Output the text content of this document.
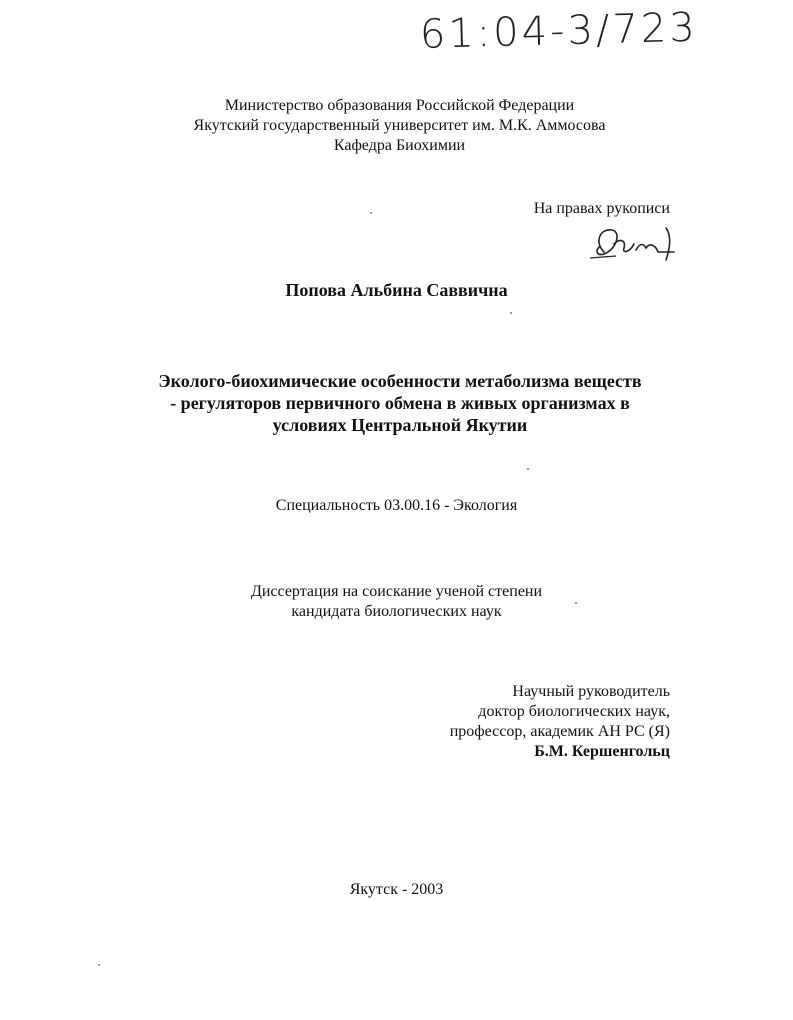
61:04-3/723
Министерство образования Российской Федерации
Якутский государственный университет им. М.К. Аммосова
Кафедра Биохимии
На правах рукописи
Попова Альбина Саввична
Эколого-биохимические особенности метаболизма веществ
- регуляторов первичного обмена в живых организмах в
условиях Центральной Якутии
Специальность 03.00.16 - Экология
Диссертация на соискание ученой степени
кандидата биологических наук
Научный руководитель
доктор биологических наук,
профессор, академик АН РС (Я)
Б.М. Кершенгольц
Якутск - 2003
